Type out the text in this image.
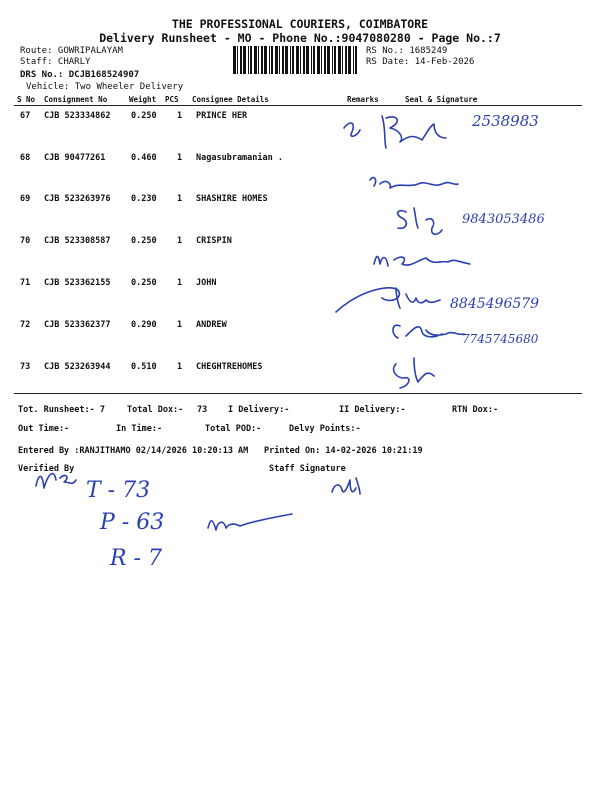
THE PROFESSIONAL COURIERS, COIMBATORE
Delivery Runsheet - MO - Phone No.:9047080280 - Page No.:7
Route: GOWRIPALAYAM
Staff: CHARLY
DRS No.: DCJB168524907
Vehicle: Two Wheeler Delivery
RS No.: 1685249
RS Date: 14-Feb-2026
S No Consignment No	Weight PCS Consignee Details	Remarks	Seal & Signature
67 CJB 523334862 0.250 1 PRINCE HER
68 CJB 90477261	0.460 1 Nagasubramanian .
69 CJB 523263976 0.230 1 SHASHIRE HOMES
70 CJB 523308587 0.250 1 CRISPIN
71 CJB 523362155 0.250 1 JOHN
72 CJB 523362377 0.290 1 ANDREW
73 CJB 523263944 0.510 1 CHEGHTREHOMES
Tot. Runsheet:- 7	Total Dox:- 73 I Delivery:-	II Delivery:-	RTN Dox:-
Out Time:-	In Time:-	Total POD:-	Delvy Points:-
Entered By :RANJITHAMO 02/14/2026 10:20:13 AM Printed On: 14-02-2026 10:21:19
Verified By	Staff Signature
2538983
9843053486
8845496579
7745745680
T - 73
P - 63
R - 7
